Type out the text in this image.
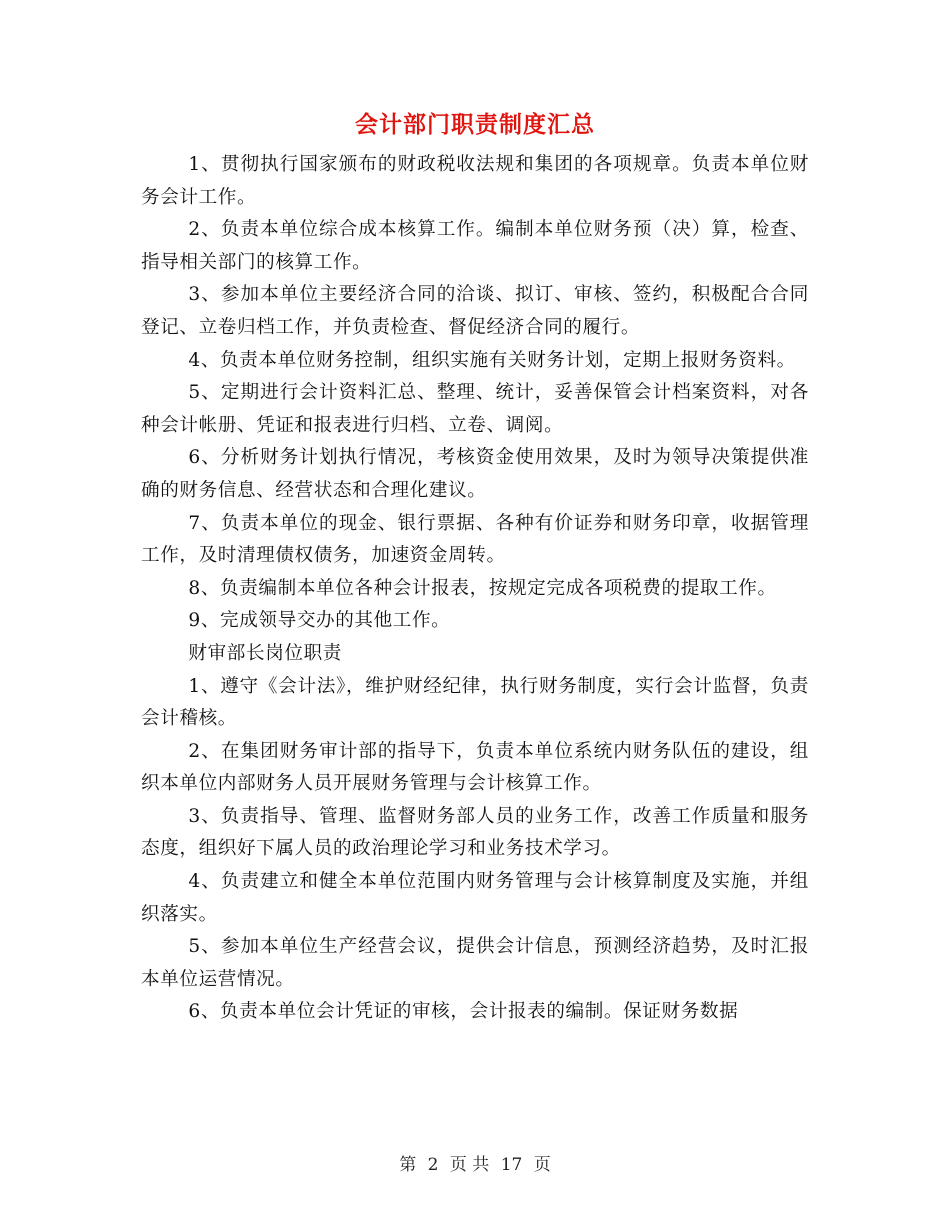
会计部门职责制度汇总

1、贯彻执行国家颁布的财政税收法规和集团的各项规章。负责本单位财务会计工作。

2、负责本单位综合成本核算工作。编制本单位财务预（决）算，检查、指导相关部门的核算工作。

3、参加本单位主要经济合同的洽谈、拟订、审核、签约，积极配合合同登记、立卷归档工作，并负责检查、督促经济合同的履行。

4、负责本单位财务控制，组织实施有关财务计划，定期上报财务资料。

5、定期进行会计资料汇总、整理、统计，妥善保管会计档案资料，对各种会计帐册、凭证和报表进行归档、立卷、调阅。

6、分析财务计划执行情况，考核资金使用效果，及时为领导决策提供准确的财务信息、经营状态和合理化建议。

7、负责本单位的现金、银行票据、各种有价证券和财务印章，收据管理工作，及时清理债权债务，加速资金周转。

8、负责编制本单位各种会计报表，按规定完成各项税费的提取工作。

9、完成领导交办的其他工作。

财审部长岗位职责

1、遵守《会计法》，维护财经纪律，执行财务制度，实行会计监督，负责会计稽核。

2、在集团财务审计部的指导下，负责本单位系统内财务队伍的建设，组织本单位内部财务人员开展财务管理与会计核算工作。

3、负责指导、管理、监督财务部人员的业务工作，改善工作质量和服务态度，组织好下属人员的政治理论学习和业务技术学习。

4、负责建立和健全本单位范围内财务管理与会计核算制度及实施，并组织落实。

5、参加本单位生产经营会议，提供会计信息，预测经济趋势，及时汇报本单位运营情况。

6、负责本单位会计凭证的审核，会计报表的编制。保证财务数据

第 2 页 共 17 页
